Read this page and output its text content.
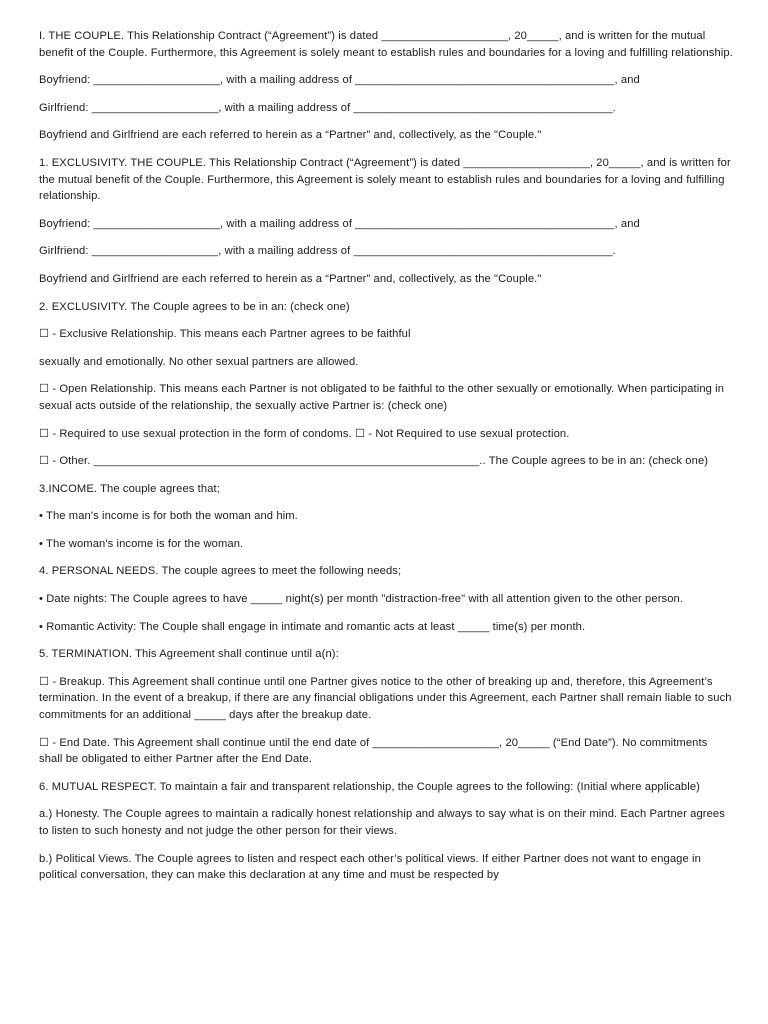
I. THE COUPLE. This Relationship Contract (“Agreement”) is dated ____________________, 20_____, and is written for the mutual benefit of the Couple. Furthermore, this Agreement is solely meant to establish rules and boundaries for a loving and fulfilling relationship.

Boyfriend: ____________________, with a mailing address of _________________________________________, and

Girlfriend: ____________________, with a mailing address of _________________________________________.

Boyfriend and Girlfriend are each referred to herein as a “Partner” and, collectively, as the "Couple."

1. EXCLUSIVITY. THE COUPLE. This Relationship Contract (“Agreement”) is dated ____________________, 20_____, and is written for the mutual benefit of the Couple. Furthermore, this Agreement is solely meant to establish rules and boundaries for a loving and fulfilling relationship.

Boyfriend: ____________________, with a mailing address of _________________________________________, and

Girlfriend: ____________________, with a mailing address of _________________________________________.

Boyfriend and Girlfriend are each referred to herein as a “Partner” and, collectively, as the "Couple."

2. EXCLUSIVITY. The Couple agrees to be in an: (check one)

☐ - Exclusive Relationship. This means each Partner agrees to be faithful

sexually and emotionally. No other sexual partners are allowed.

☐ - Open Relationship. This means each Partner is not obligated to be faithful to the other sexually or emotionally. When participating in sexual acts outside of the relationship, the sexually active Partner is: (check one)

☐ - Required to use sexual protection in the form of condoms. ☐ - Not Required to use sexual protection.

☐ - Other. _____________________________________________________________.. The Couple agrees to be in an: (check one)

3.INCOME. The couple agrees that;

• The man's income is for both the woman and him.

• The woman's income is for the woman.

4. PERSONAL NEEDS. The couple agrees to meet the following needs;

• Date nights: The Couple agrees to have _____ night(s) per month "distraction-free" with all attention given to the other person.

• Romantic Activity: The Couple shall engage in intimate and romantic acts at least _____ time(s) per month.

5. TERMINATION. This Agreement shall continue until a(n):

☐ - Breakup. This Agreement shall continue until one Partner gives notice to the other of breaking up and, therefore, this Agreement’s termination. In the event of a breakup, if there are any financial obligations under this Agreement, each Partner shall remain liable to such commitments for an additional _____ days after the breakup date.

☐ - End Date. This Agreement shall continue until the end date of ____________________, 20_____ (“End Date”). No commitments shall be obligated to either Partner after the End Date.

6. MUTUAL RESPECT. To maintain a fair and transparent relationship, the Couple agrees to the following: (Initial where applicable)

a.) Honesty. The Couple agrees to maintain a radically honest relationship and always to say what is on their mind. Each Partner agrees to listen to such honesty and not judge the other person for their views.

b.) Political Views. The Couple agrees to listen and respect each other’s political views. If either Partner does not want to engage in political conversation, they can make this declaration at any time and must be respected by
